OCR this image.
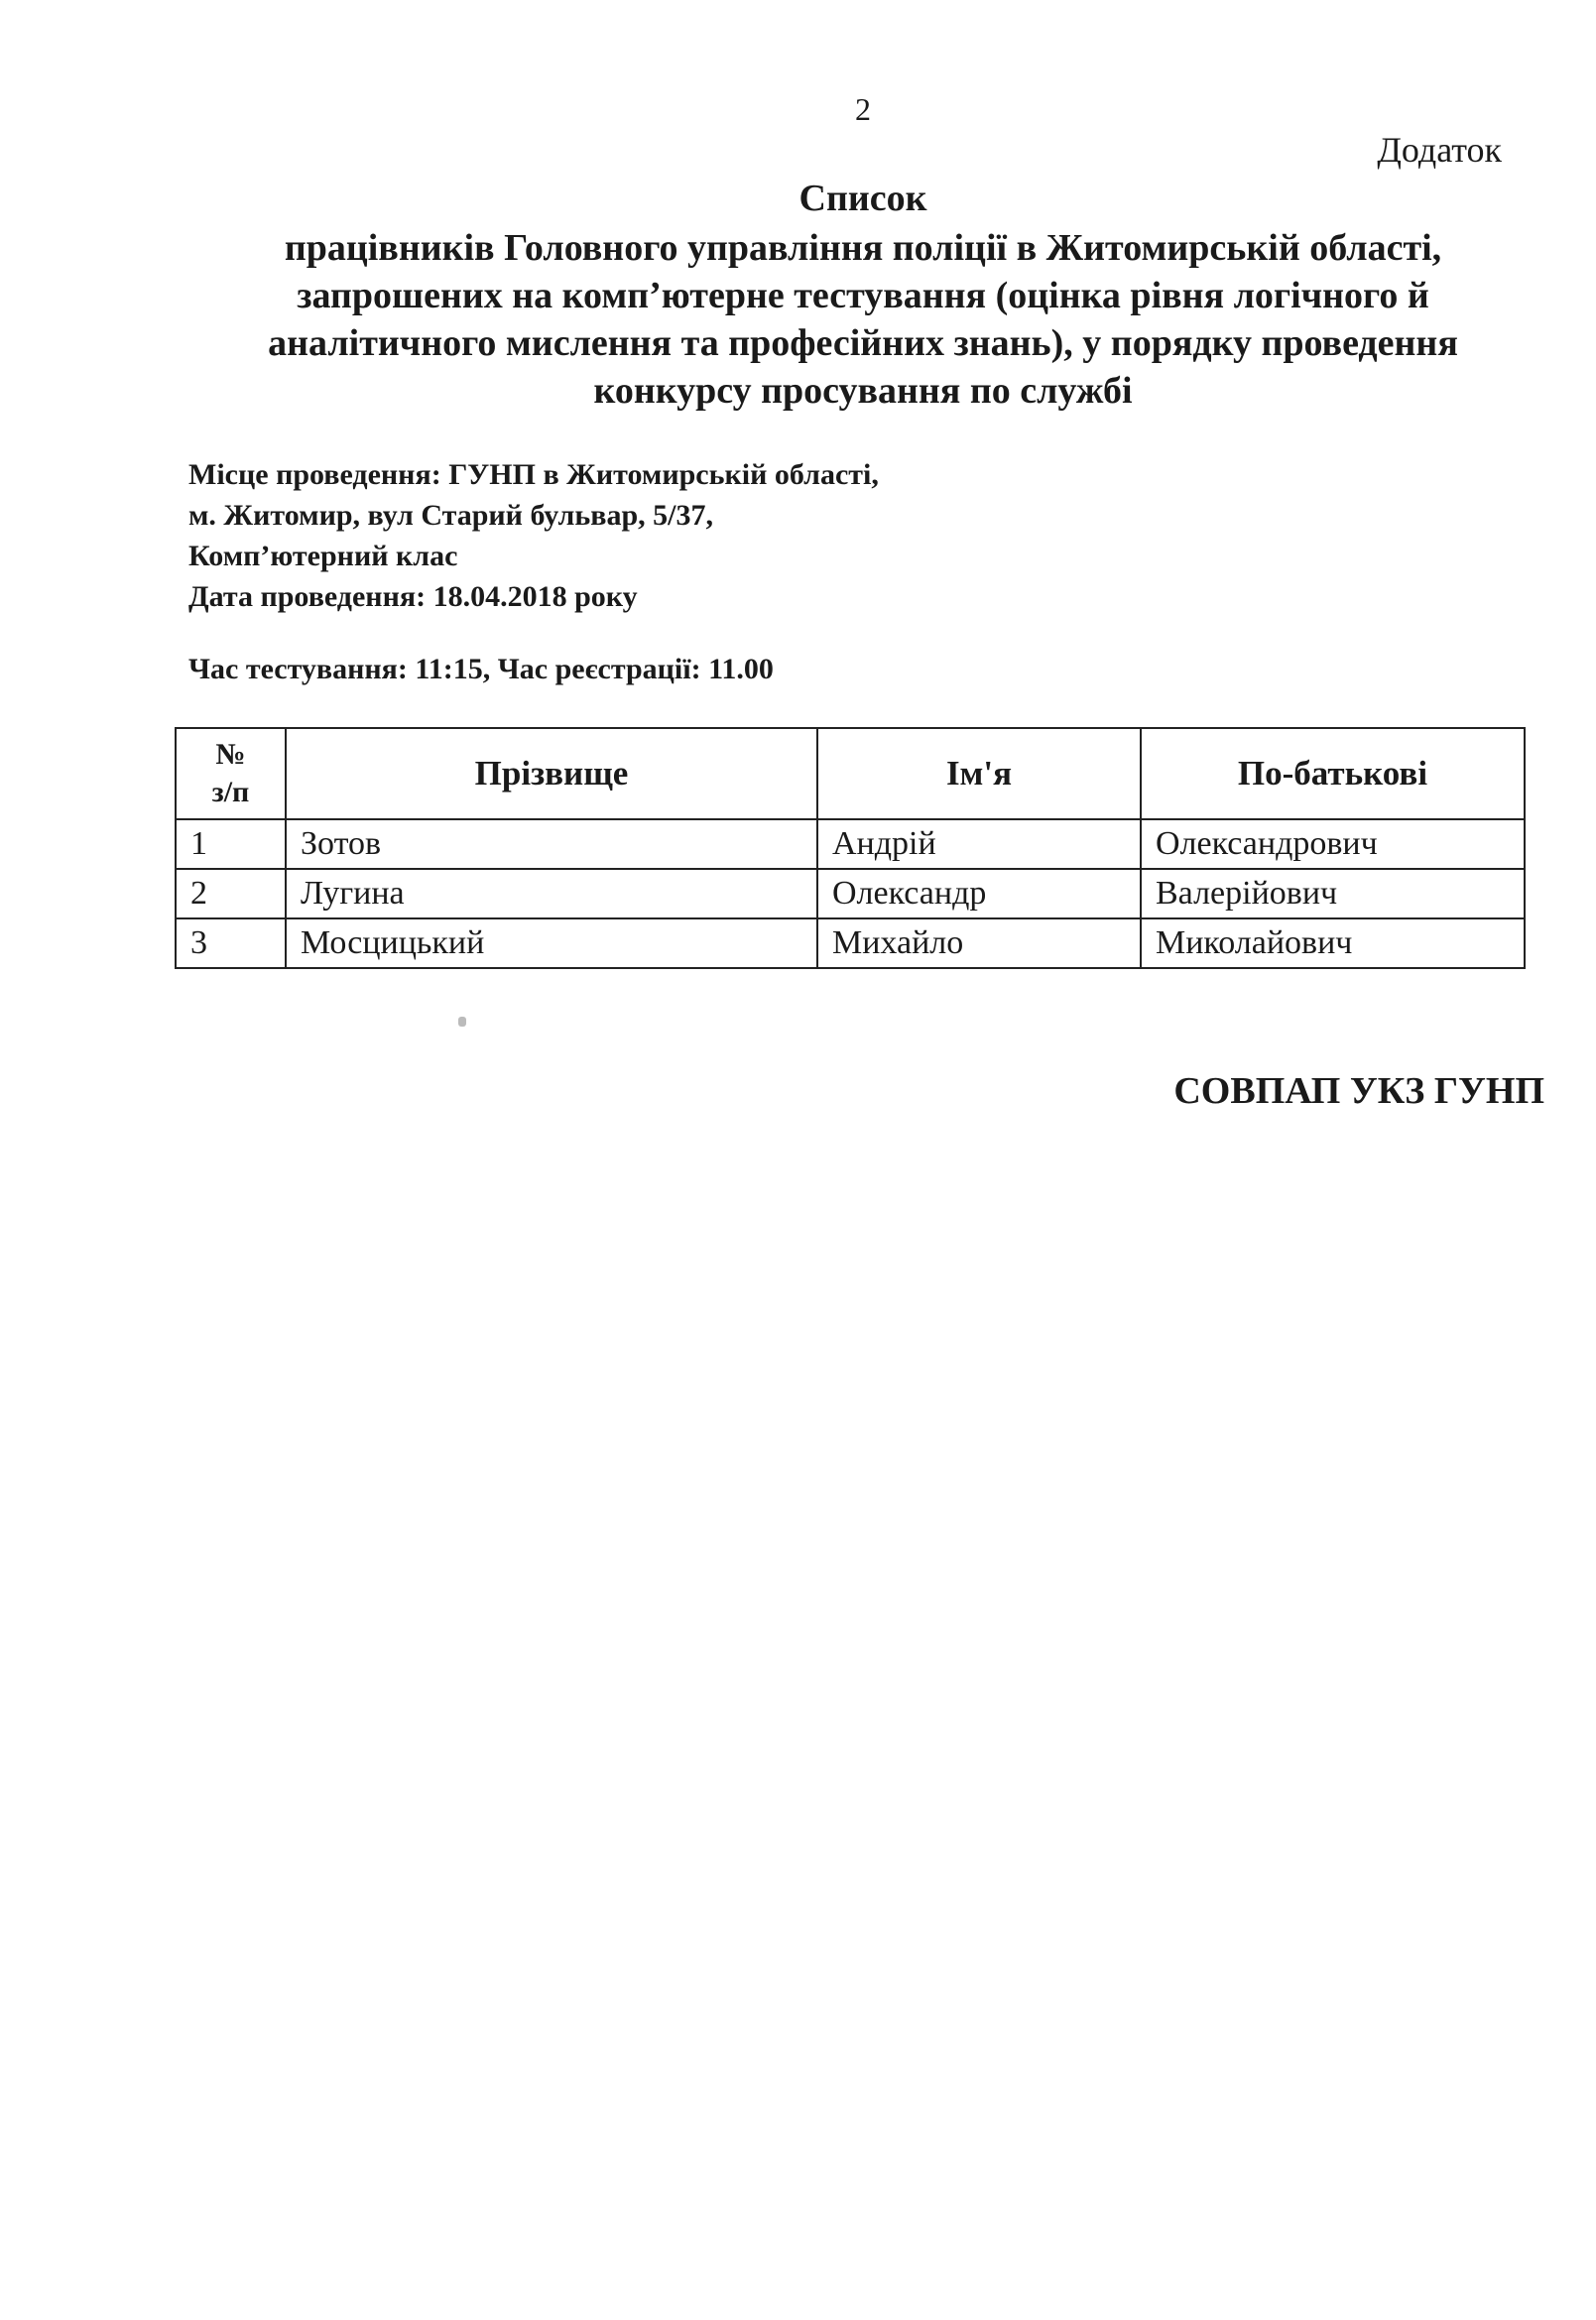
2
Додаток
Список
працівників Головного управління поліції в Житомирській області,
запрошених на комп’ютерне тестування (оцінка рівня логічного й
аналітичного мислення та професійних знань), у порядку проведення
конкурсу просування по службі
Місце проведення: ГУНП в Житомирській області,
м. Житомир, вул Старий бульвар, 5/37,
Комп’ютерний клас
Дата проведення: 18.04.2018 року
Час тестування: 11:15, Час реєстрації: 11.00
№
з/п	Прізвище	Ім'я	По-батькові
1	Зотов	Андрій	Олександрович
2	Лугина	Олександр	Валерійович
3	Мосцицький	Михайло	Миколайович
СОВПАП УКЗ ГУНП
